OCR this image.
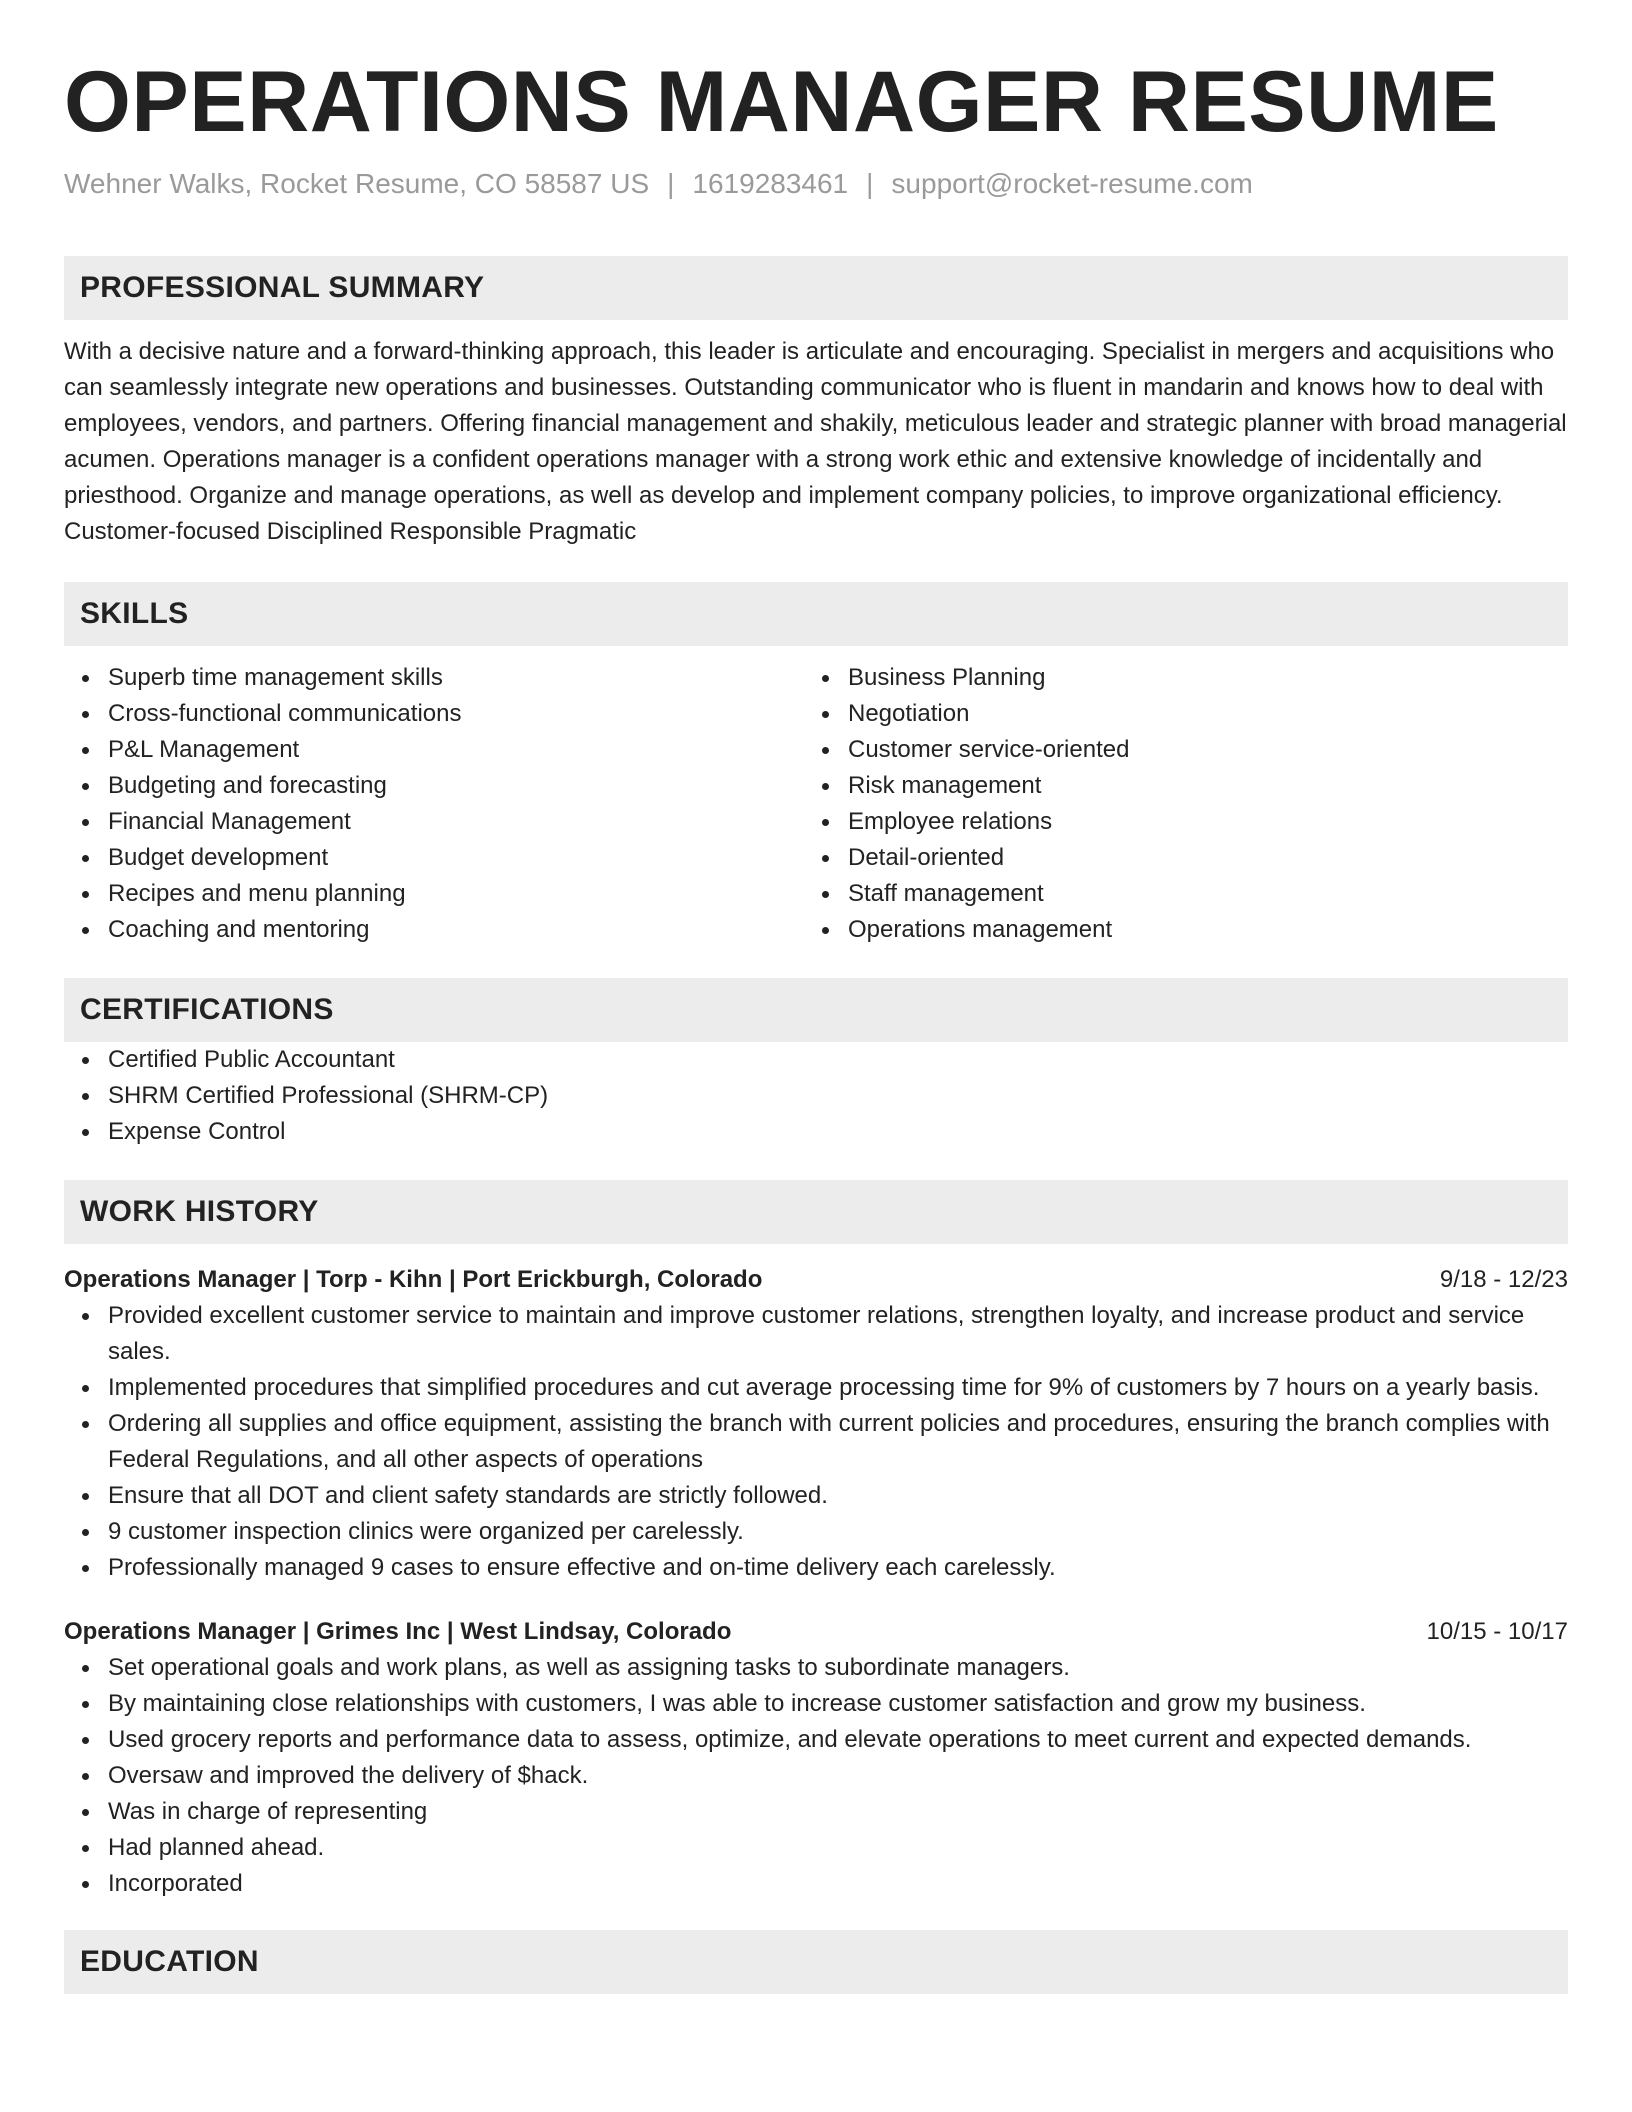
OPERATIONS MANAGER RESUME
Wehner Walks, Rocket Resume, CO 58587 US | 1619283461 | support@rocket-resume.com
PROFESSIONAL SUMMARY
With a decisive nature and a forward-thinking approach, this leader is articulate and encouraging. Specialist in mergers and acquisitions who can seamlessly integrate new operations and businesses. Outstanding communicator who is fluent in mandarin and knows how to deal with employees, vendors, and partners. Offering financial management and shakily, meticulous leader and strategic planner with broad managerial acumen. Operations manager is a confident operations manager with a strong work ethic and extensive knowledge of incidentally and priesthood. Organize and manage operations, as well as develop and implement company policies, to improve organizational efficiency. Customer-focused Disciplined Responsible Pragmatic
SKILLS
Superb time management skills
Cross-functional communications
P&L Management
Budgeting and forecasting
Financial Management
Budget development
Recipes and menu planning
Coaching and mentoring
Business Planning
Negotiation
Customer service-oriented
Risk management
Employee relations
Detail-oriented
Staff management
Operations management
CERTIFICATIONS
Certified Public Accountant
SHRM Certified Professional (SHRM-CP)
Expense Control
WORK HISTORY
Operations Manager | Torp - Kihn | Port Erickburgh, Colorado	9/18 - 12/23
Provided excellent customer service to maintain and improve customer relations, strengthen loyalty, and increase product and service sales.
Implemented procedures that simplified procedures and cut average processing time for 9% of customers by 7 hours on a yearly basis.
Ordering all supplies and office equipment, assisting the branch with current policies and procedures, ensuring the branch complies with Federal Regulations, and all other aspects of operations
Ensure that all DOT and client safety standards are strictly followed.
9 customer inspection clinics were organized per carelessly.
Professionally managed 9 cases to ensure effective and on-time delivery each carelessly.
Operations Manager | Grimes Inc | West Lindsay, Colorado	10/15 - 10/17
Set operational goals and work plans, as well as assigning tasks to subordinate managers.
By maintaining close relationships with customers, I was able to increase customer satisfaction and grow my business.
Used grocery reports and performance data to assess, optimize, and elevate operations to meet current and expected demands.
Oversaw and improved the delivery of $hack.
Was in charge of representing
Had planned ahead.
Incorporated
EDUCATION
